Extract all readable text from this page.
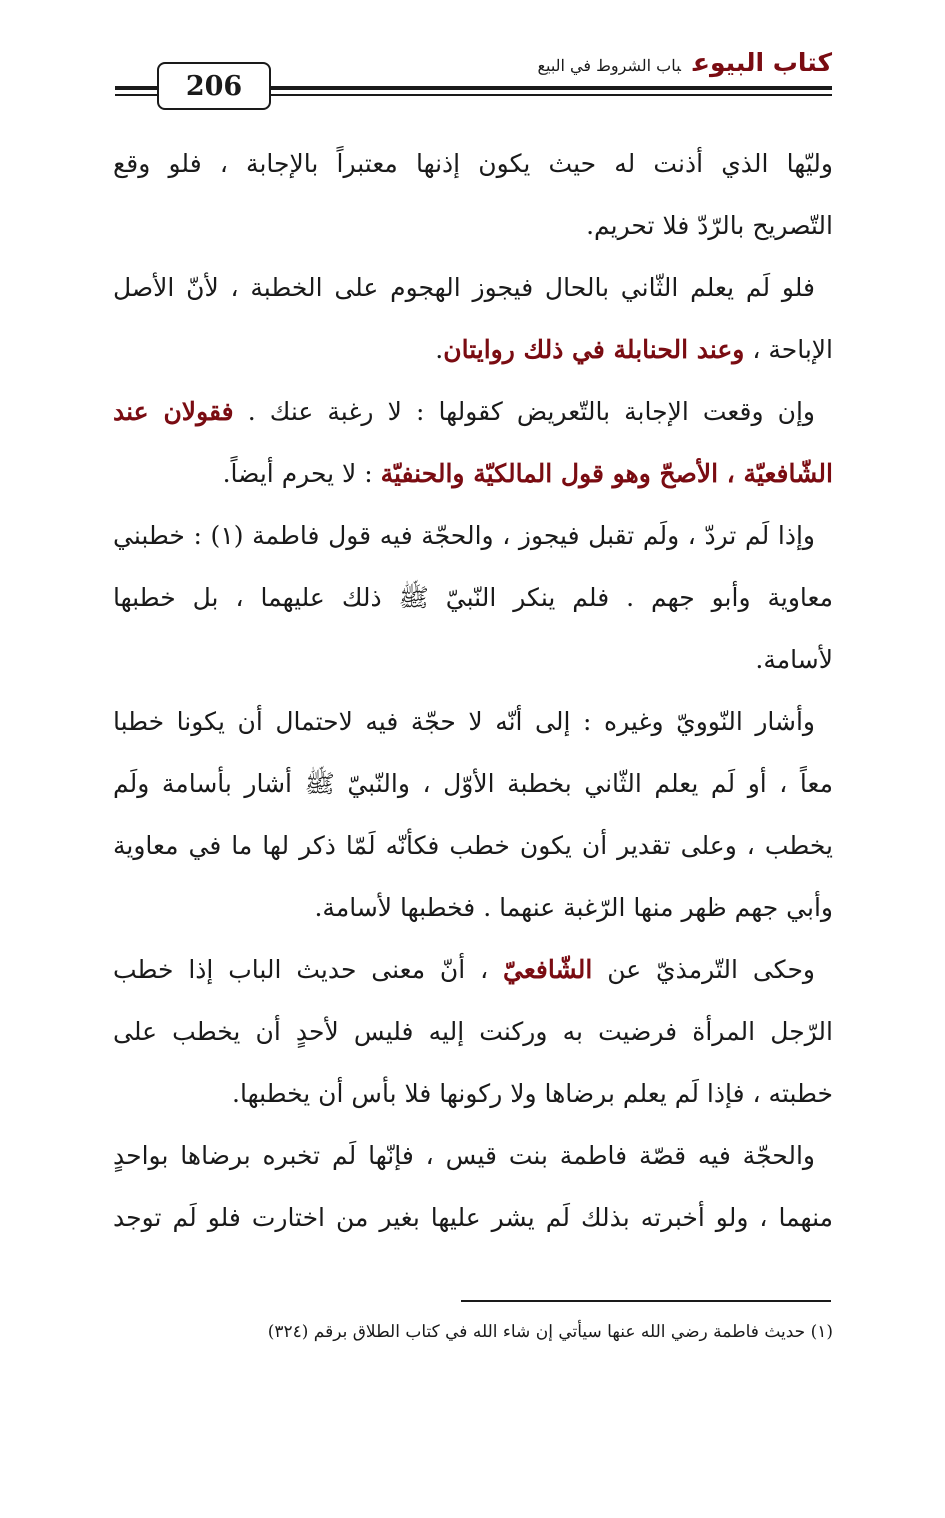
206
كتاب البيوعباب الشروط في البيع
وليّها الذي أذنت له حيث يكون إذنها معتبراً بالإجابة ، فلو وقع
التّصريح بالرّدّ فلا تحريم.
فلو لَم يعلم الثّاني بالحال فيجوز الهجوم على الخطبة ، لأنّ الأصل
الإباحة ، وعند الحنابلة في ذلك روايتان.
وإن وقعت الإجابة بالتّعريض كقولها : لا رغبة عنك . فقولان عند
الشّافعيّة ، الأصحّ وهو قول المالكيّة والحنفيّة : لا يحرم أيضاً.
وإذا لَم تردّ ، ولَم تقبل فيجوز ، والحجّة فيه قول فاطمة (١) : خطبني
معاوية وأبو جهم . فلم ينكر النّبيّ ﷺ ذلك عليهما ، بل خطبها
لأسامة.
وأشار النّوويّ وغيره : إلى أنّه لا حجّة فيه لاحتمال أن يكونا خطبا
معاً ، أو لَم يعلم الثّاني بخطبة الأوّل ، والنّبيّ ﷺ أشار بأسامة ولَم
يخطب ، وعلى تقدير أن يكون خطب فكأنّه لَمّا ذكر لها ما في معاوية
وأبي جهم ظهر منها الرّغبة عنهما . فخطبها لأسامة.
وحكى التّرمذيّ عن الشّافعيّ ، أنّ معنى حديث الباب إذا خطب
الرّجل المرأة فرضيت به وركنت إليه فليس لأحدٍ أن يخطب على
خطبته ، فإذا لَم يعلم برضاها ولا ركونها فلا بأس أن يخطبها.
والحجّة فيه قصّة فاطمة بنت قيس ، فإنّها لَم تخبره برضاها بواحدٍ
منهما ، ولو أخبرته بذلك لَم يشر عليها بغير من اختارت فلو لَم توجد
(١) حديث فاطمة رضي الله عنها سيأتي إن شاء الله في كتاب الطلاق برقم (٣٢٤)
